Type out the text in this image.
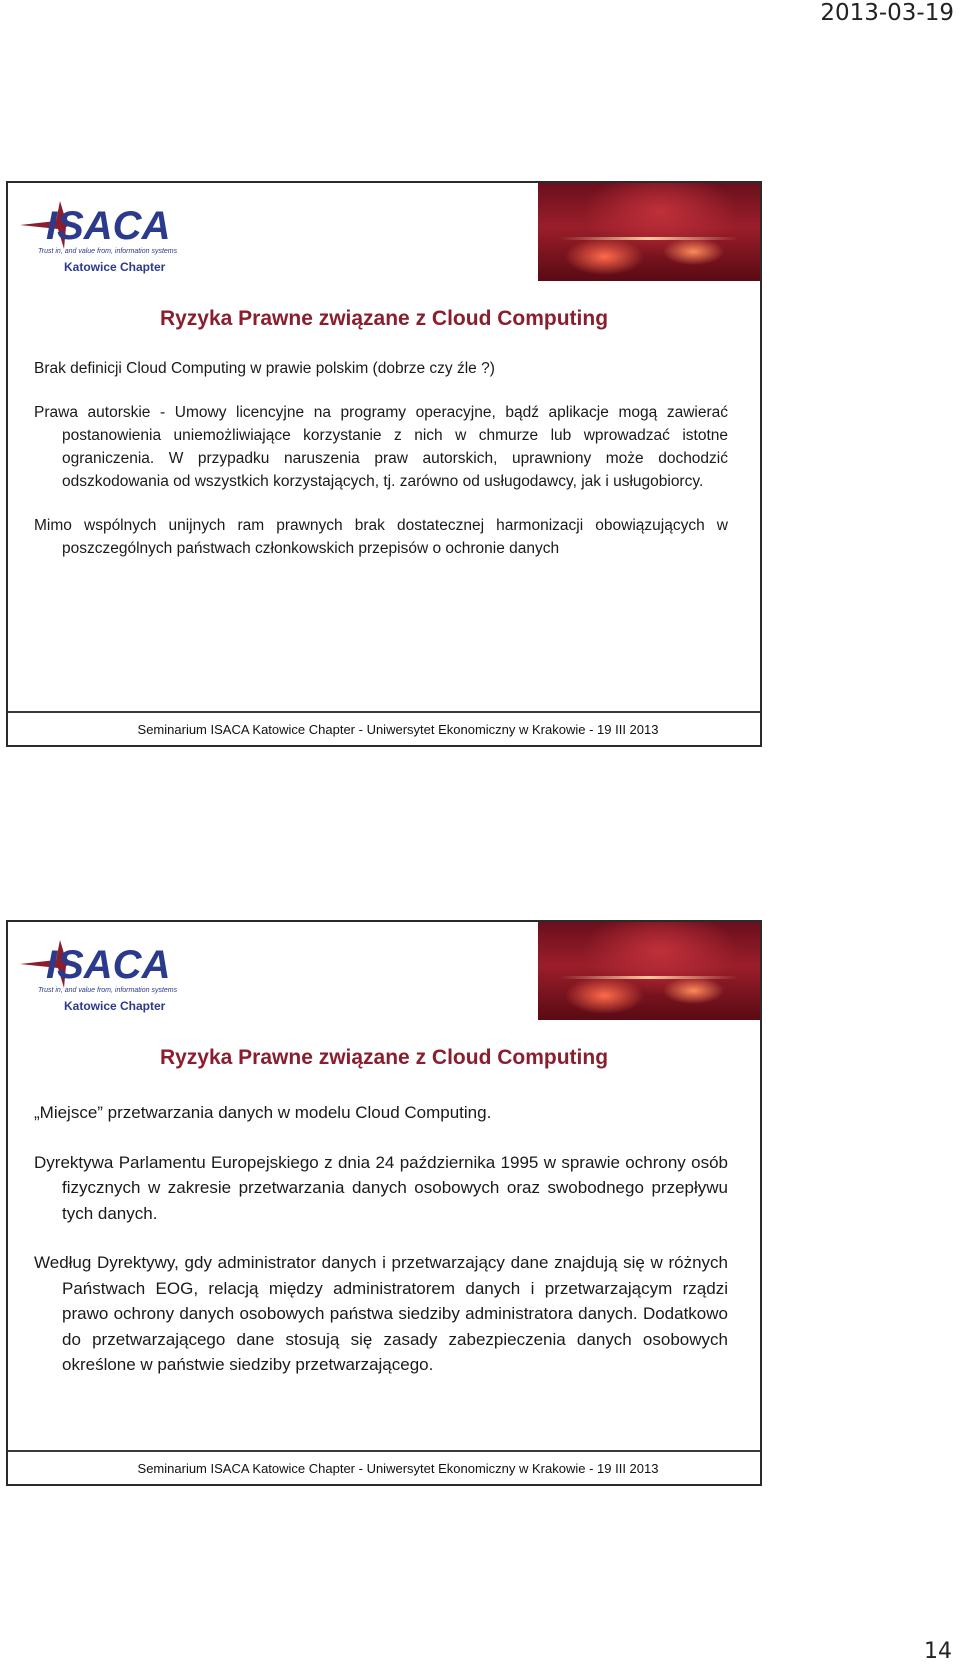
2013-03-19
ISACA
Trust in, and value from, information systems
Katowice Chapter
Ryzyka Prawne związane z Cloud Computing

Brak definicji Cloud Computing w prawie polskim (dobrze czy źle ?)

Prawa autorskie - Umowy licencyjne na programy operacyjne, bądź aplikacje mogą zawierać postanowienia uniemożliwiające korzystanie z nich w chmurze lub wprowadzać istotne ograniczenia. W przypadku naruszenia praw autorskich, uprawniony może dochodzić odszkodowania od wszystkich korzystających, tj. zarówno od usługodawcy, jak i usługobiorcy.

Mimo wspólnych unijnych ram prawnych brak dostatecznej harmonizacji obowiązujących w poszczególnych państwach członkowskich przepisów o ochronie danych

Seminarium ISACA Katowice Chapter - Uniwersytet Ekonomiczny w Krakowie - 19 III 2013
ISACA
Trust in, and value from, information systems
Katowice Chapter
Ryzyka Prawne związane z Cloud Computing

„Miejsce” przetwarzania danych w modelu Cloud Computing.

Dyrektywa Parlamentu Europejskiego z dnia 24 października 1995 w sprawie ochrony osób fizycznych w zakresie przetwarzania danych osobowych oraz swobodnego przepływu tych danych.

Według Dyrektywy, gdy administrator danych i przetwarzający dane znajdują się w różnych Państwach EOG, relacją między administratorem danych i przetwarzającym rządzi prawo ochrony danych osobowych państwa siedziby administratora danych. Dodatkowo do przetwarzającego dane stosują się zasady zabezpieczenia danych osobowych określone w państwie siedziby przetwarzającego.

Seminarium ISACA Katowice Chapter - Uniwersytet Ekonomiczny w Krakowie - 19 III 2013
14
